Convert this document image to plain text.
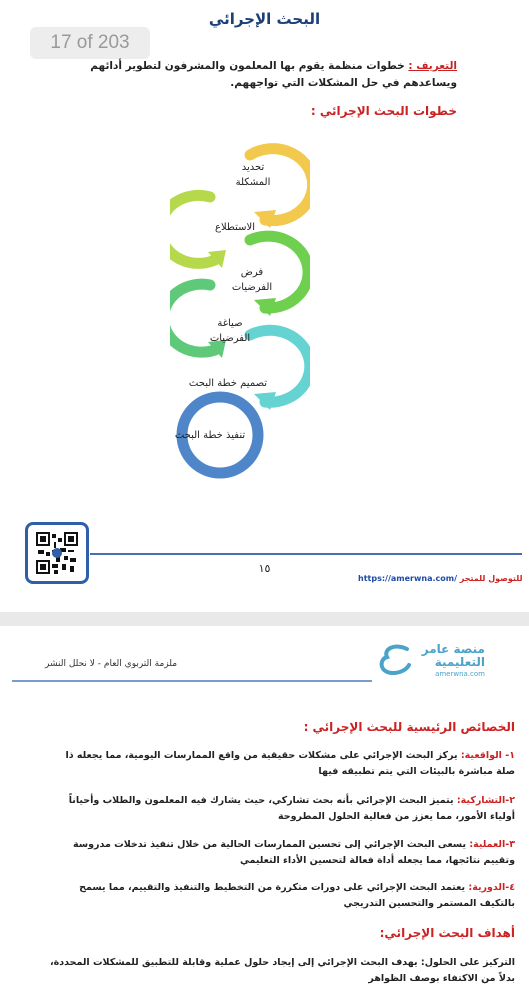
البحث الإجرائي
17 of 203
التعريف : خطوات منظمة يقوم بها المعلمون والمشرفون لتطوير أدائهم ويساعدهم في حل المشكلات التي تواجههم.
خطوات البحث الإجرائي :
تحديد المشكلة
الاستطلاع
فرض الفرضيات
صياغة الفرضيات
تصميم خطة البحث
تنفيذ خطة البحث
١٥
https://amerwna.com/ للتوصول للمتجر
ملزمة التربوي العام - لا نحلل النشر
منصة عامر
التعليمية
amerwna.com
الخصائص الرئيسية للبحث الإجرائي :
١- الواقعية: يركز البحث الإجرائي على مشكلات حقيقية من واقع الممارسات اليومية، مما يجعله ذا صلة مباشرة بالبيئات التي يتم تطبيقه فيها
٢-التشاركية: يتميز البحث الإجرائي بأنه بحث تشاركي، حيث يشارك فيه المعلمون والطلاب وأحياناً أولياء الأمور، مما يعزز من فعالية الحلول المطروحة
٣-العملية: يسعى البحث الإجرائي إلى تحسين الممارسات الحالية من خلال تنفيذ تدخلات مدروسة وتقييم نتائجها، مما يجعله أداة فعالة لتحسين الأداء التعليمي
٤-الدورية: يعتمد البحث الإجرائي على دورات متكررة من التخطيط والتنفيذ والتقييم، مما يسمح بالتكيف المستمر والتحسين التدريجي
أهداف البحث الإجرائي:
التركيز على الحلول: يهدف البحث الإجرائي إلى إيجاد حلول عملية وقابلة للتطبيق للمشكلات المحددة، بدلاً من الاكتفاء بوصف الظواهر
